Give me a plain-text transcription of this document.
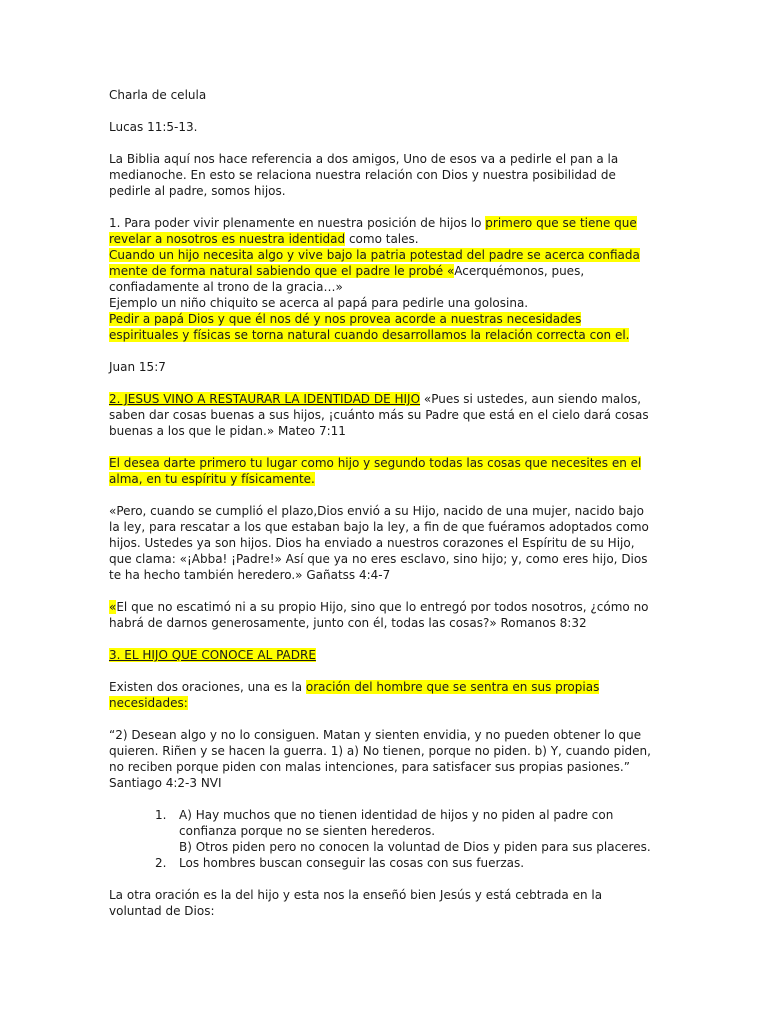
Charla de celula

Lucas 11:5-13.

La Biblia aquí nos hace referencia a dos amigos, Uno de esos va a pedirle el pan a la medianoche. En esto se relaciona nuestra relación con Dios y nuestra posibilidad de pedirle al padre, somos hijos.

1. Para poder vivir plenamente en nuestra posición de hijos lo primero que se tiene que revelar a nosotros es nuestra identidad como tales.

Cuando un hijo necesita algo y vive bajo la patria potestad del padre se acerca confiada mente de forma natural sabiendo que el padre le probé «Acerquémonos, pues, confiadamente al trono de la gracia…»

Ejemplo un niño chiquito se acerca al papá para pedirle una golosina.

Pedir a papá Dios y que él nos dé y nos provea acorde a nuestras necesidades espirituales y físicas se torna natural cuando desarrollamos la relación correcta con el.

Juan 15:7

2. JESUS VINO A RESTAURAR LA IDENTIDAD DE HIJO «Pues si ustedes, aun siendo malos, saben dar cosas buenas a sus hijos, ¡cuánto más su Padre que está en el cielo dará cosas buenas a los que le pidan.» Mateo 7:11

El desea darte primero tu lugar como hijo y segundo todas las cosas que necesites en el alma, en tu espíritu y físicamente.

«Pero, cuando se cumplió el plazo,Dios envió a su Hijo, nacido de una mujer, nacido bajo la ley, para rescatar a los que estaban bajo la ley, a fin de que fuéramos adoptados como hijos. Ustedes ya son hijos. Dios ha enviado a nuestros corazones el Espíritu de su Hijo, que clama: «¡Abba! ¡Padre!» Así que ya no eres esclavo, sino hijo; y, como eres hijo, Dios te ha hecho también heredero.» Gañatss 4:4-7

«El que no escatimó ni a su propio Hijo, sino que lo entregó por todos nosotros, ¿cómo no habrá de darnos generosamente, junto con él, todas las cosas?» Romanos 8:32

3. EL HIJO QUE CONOCE AL PADRE

Existen dos oraciones, una es la oración del hombre que se sentra en sus propias necesidades:

“2) Desean algo y no lo consiguen. Matan y sienten envidia, y no pueden obtener lo que quieren. Riñen y se hacen la guerra. 1) a) No tienen, porque no piden. b) Y, cuando piden, no reciben porque piden con malas intenciones, para satisfacer sus propias pasiones.” Santiago 4:2-3 NVI

1. A) Hay muchos que no tienen identidad de hijos y no piden al padre con confianza porque no se sienten herederos.
B) Otros piden pero no conocen la voluntad de Dios y piden para sus placeres.
2. Los hombres buscan conseguir las cosas con sus fuerzas.

La otra oración es la del hijo y esta nos la enseñó bien Jesús y está cebtrada en la voluntad de Dios:
